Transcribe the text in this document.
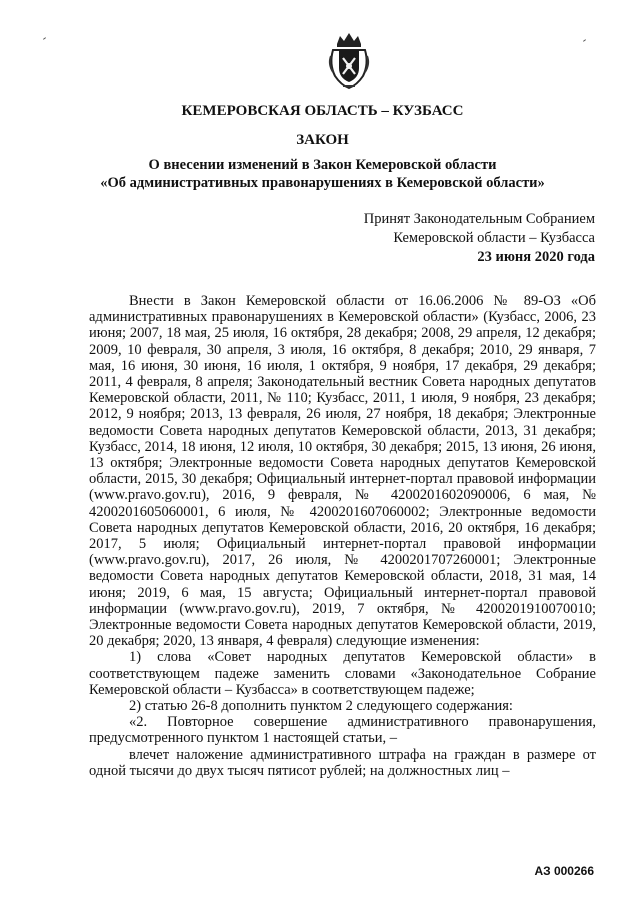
КЕМЕРОВСКАЯ ОБЛАСТЬ – КУЗБАСС
ЗАКОН
О внесении изменений в Закон Кемеровской области
«Об административных правонарушениях в Кемеровской области»
Принят Законодательным Собранием
Кемеровской области – Кузбасса
23 июня 2020 года

Внести в Закон Кемеровской области от 16.06.2006 № 89-ОЗ «Об административных правонарушениях в Кемеровской области» (Кузбасс, 2006, 23 июня; 2007, 18 мая, 25 июля, 16 октября, 28 декабря; 2008, 29 апреля, 12 декабря; 2009, 10 февраля, 30 апреля, 3 июля, 16 октября, 8 декабря; 2010, 29 января, 7 мая, 16 июня, 30 июня, 16 июля, 1 октября, 9 ноября, 17 декабря, 29 декабря; 2011, 4 февраля, 8 апреля; Законодательный вестник Совета народных депутатов Кемеровской области, 2011, № 110; Кузбасс, 2011, 1 июля, 9 ноября, 23 декабря; 2012, 9 ноября; 2013, 13 февраля, 26 июля, 27 ноября, 18 декабря; Электронные ведомости Совета народных депутатов Кемеровской области, 2013, 31 декабря; Кузбасс, 2014, 18 июня, 12 июля, 10 октября, 30 декабря; 2015, 13 июня, 26 июня, 13 октября; Электронные ведомости Совета народных депутатов Кемеровской области, 2015, 30 декабря; Официальный интернет-портал правовой информации (www.pravo.gov.ru), 2016, 9 февраля, № 4200201602090006, 6 мая, № 4200201605060001, 6 июля, № 4200201607060002; Электронные ведомости Совета народных депутатов Кемеровской области, 2016, 20 октября, 16 декабря; 2017, 5 июля; Официальный интернет-портал правовой информации (www.pravo.gov.ru), 2017, 26 июля, № 4200201707260001; Электронные ведомости Совета народных депутатов Кемеровской области, 2018, 31 мая, 14 июня; 2019, 6 мая, 15 августа; Официальный интернет-портал правовой информации (www.pravo.gov.ru), 2019, 7 октября, № 4200201910070010; Электронные ведомости Совета народных депутатов Кемеровской области, 2019, 20 декабря; 2020, 13 января, 4 февраля) следующие изменения:

1) слова «Совет народных депутатов Кемеровской области» в соответствующем падеже заменить словами «Законодательное Собрание Кемеровской области – Кузбасса» в соответствующем падеже;

2) статью 26-8 дополнить пунктом 2 следующего содержания:

«2. Повторное совершение административного правонарушения, предусмотренного пунктом 1 настоящей статьи, –

влечет наложение административного штрафа на граждан в размере от одной тысячи до двух тысяч пятисот рублей; на должностных лиц –

АЗ 000266
